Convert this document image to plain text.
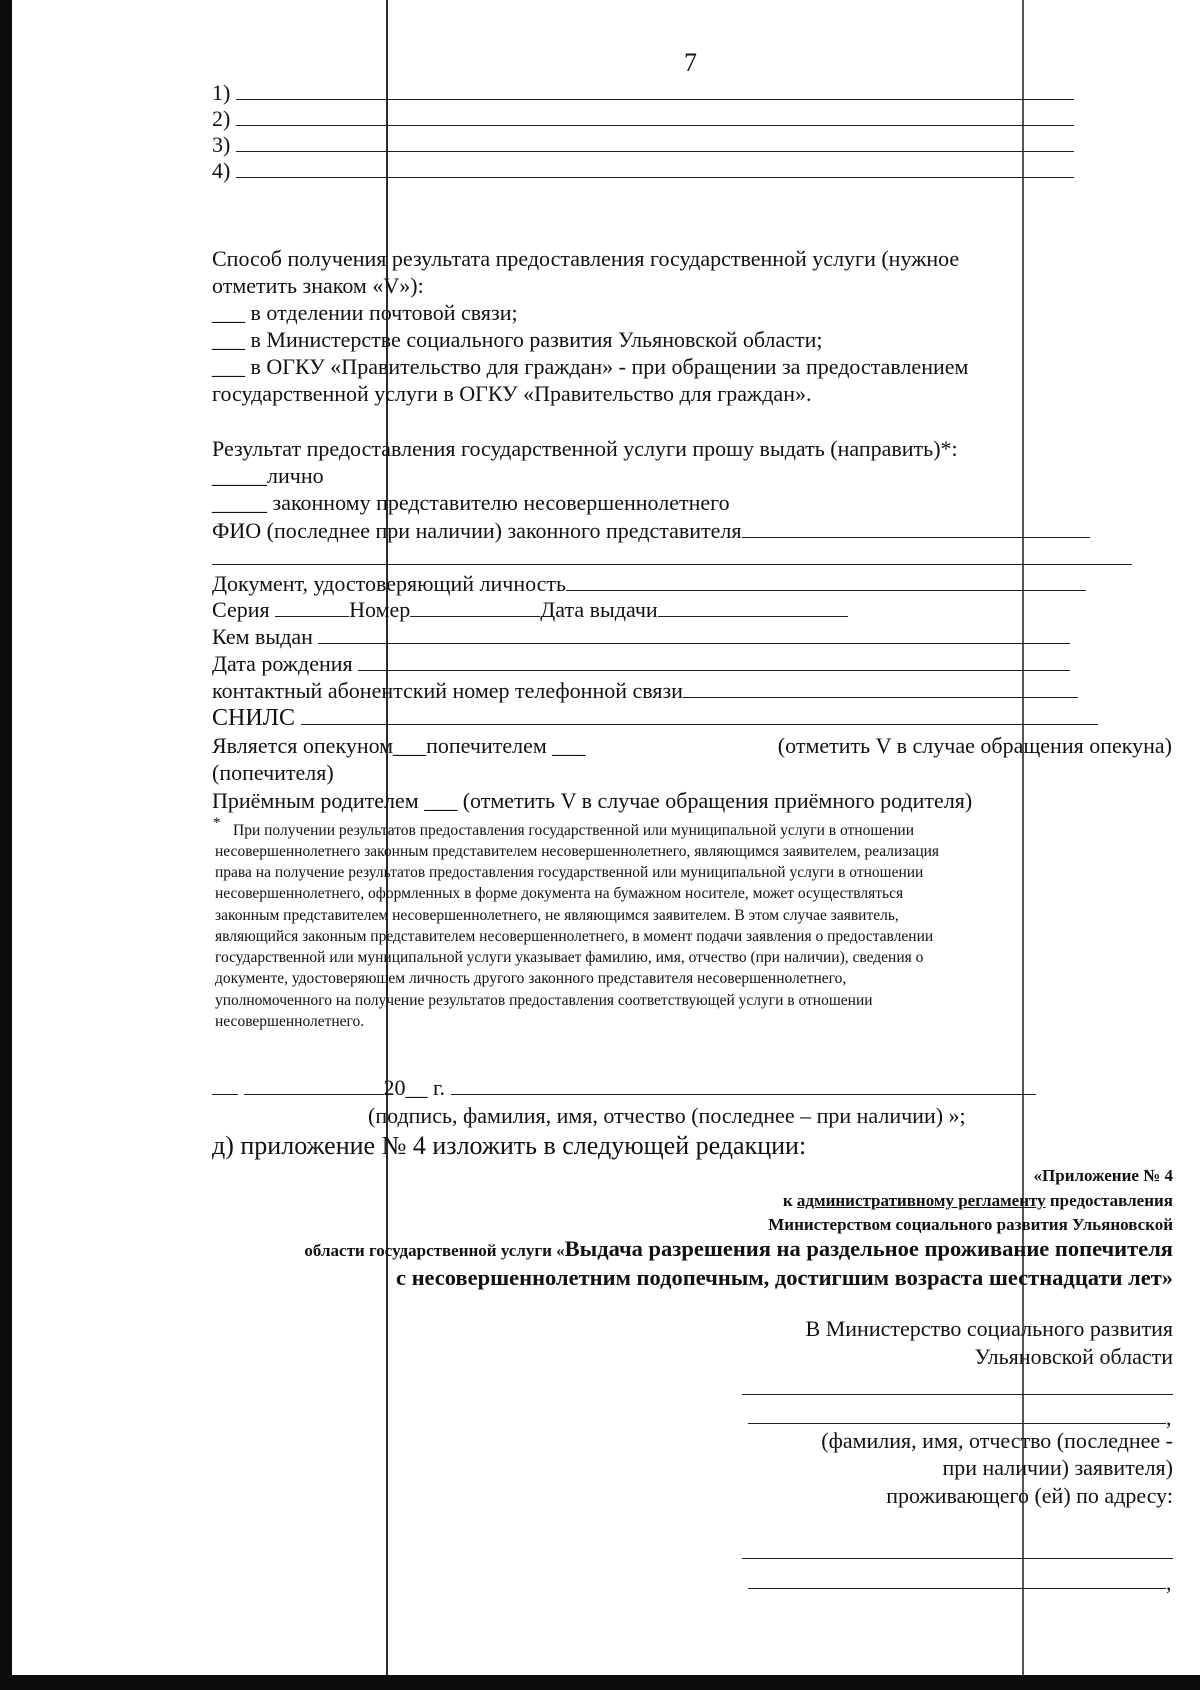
7
1)
2)
3)
4)
Способ получения результата предоставления государственной услуги (нужное
отметить знаком «V»):
___ в отделении почтовой связи;
___ в Министерстве социального развития Ульяновской области;
___ в ОГКУ «Правительство для граждан» - при обращении за предоставлением
государственной услуги в ОГКУ «Правительство для граждан».
Результат предоставления государственной услуги прошу выдать (направить)*:
_____лично
_____ законному представителю несовершеннолетнего
ФИО (последнее при наличии) законного представителя
Документ, удостоверяющий личность
Серия	Номер	Дата выдачи
Кем выдан
Дата рождения
контактный абонентский номер телефонной связи
СНИЛС
Является опекуном___попечителем ___	(отметить V в случае обращения опекуна)
(попечителя)
Приёмным родителем ___ (отметить V в случае обращения приёмного родителя)
* При получении результатов предоставления государственной или муниципальной услуги в отношении
несовершеннолетнего законным представителем несовершеннолетнего, являющимся заявителем, реализация
права на получение результатов предоставления государственной или муниципальной услуги в отношении
несовершеннолетнего, оформленных в форме документа на бумажном носителе, может осуществляться
законным представителем несовершеннолетнего, не являющимся заявителем. В этом случае заявитель,
являющийся законным представителем несовершеннолетнего, в момент подачи заявления о предоставлении
государственной или муниципальной услуги указывает фамилию, имя, отчество (при наличии), сведения о
документе, удостоверяющем личность другого законного представителя несовершеннолетнего,
уполномоченного на получение результатов предоставления соответствующей услуги в отношении
несовершеннолетнего.
20__ г.
(подпись, фамилия, имя, отчество (последнее – при наличии) »;
д) приложение № 4 изложить в следующей редакции:
«Приложение № 4
к административному регламенту предоставления
Министерством социального развития Ульяновской
области государственной услуги «Выдача разрешения на раздельное проживание попечителя
с несовершеннолетним подопечным, достигшим возраста шестнадцати лет»
В Министерство социального развития
Ульяновской области
,
(фамилия, имя, отчество (последнее -
при наличии) заявителя)
проживающего (ей) по адресу:
,
